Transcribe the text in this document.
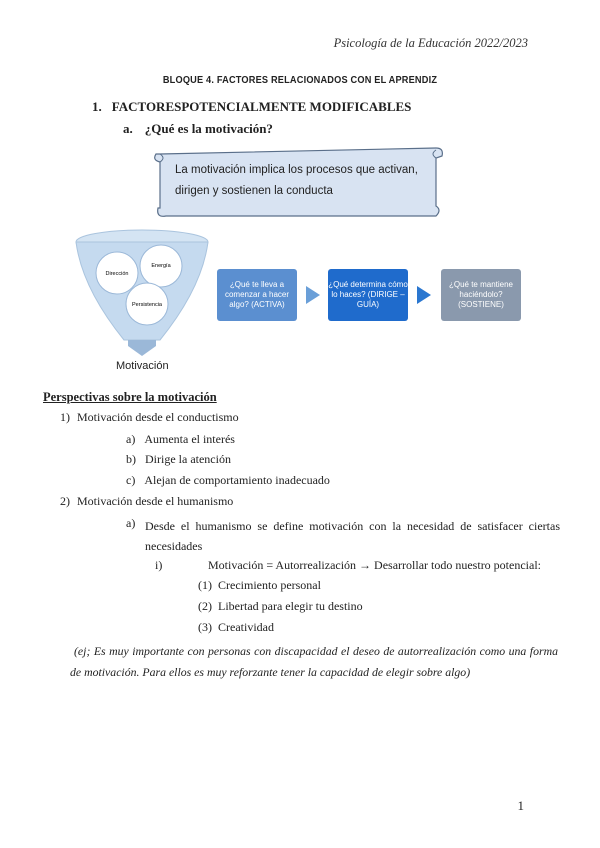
Psicología de la Educación 2022/2023
BLOQUE 4. FACTORES RELACIONADOS CON EL APRENDIZ
1. FACTORESPOTENCIALMENTE MODIFICABLES
a. ¿Qué es la motivación?
La motivación implica los procesos que activan, dirigen y sostienen la conducta
Dirección
Energía
Persistencia
Motivación
¿Qué te lleva a comenzar a hacer algo? (ACTIVA)
¿Qué determina cómo lo haces? (DIRIGE – GUÍA)
¿Qué te mantiene haciéndolo? (SOSTIENE)
Perspectivas sobre la motivación
1) Motivación desde el conductismo
a) Aumenta el interés
b) Dirige la atención
c) Alejan de comportamiento inadecuado
2) Motivación desde el humanismo
a) Desde el humanismo se define motivación con la necesidad de satisfacer ciertas necesidades
i)	Motivación = Autorrealización → Desarrollar todo nuestro potencial:
(1) Crecimiento personal
(2) Libertad para elegir tu destino
(3) Creatividad
(ej; Es muy importante con personas con discapacidad el deseo de autorrealización como una forma de motivación. Para ellos es muy reforzante tener la capacidad de elegir sobre algo)
1
